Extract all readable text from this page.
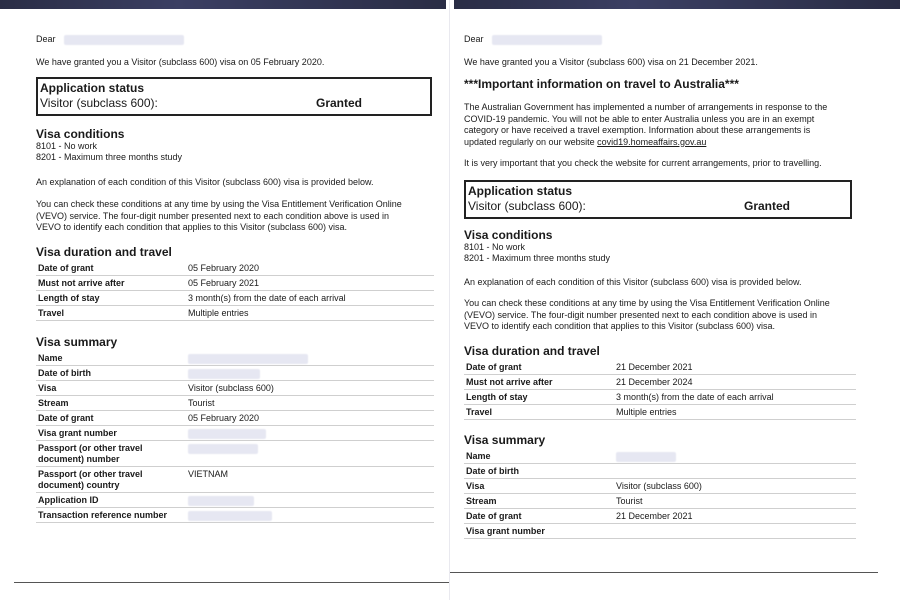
Dear

We have granted you a Visitor (subclass 600) visa on 05 February 2020.

Application status
Visitor (subclass 600):	Granted

Visa conditions

8101 - No work
8201 - Maximum three months study

An explanation of each condition of this Visitor (subclass 600) visa is provided below.

You can check these conditions at any time by using the Visa Entitlement Verification Online

(VEVO) service. The four-digit number presented next to each condition above is used in

VEVO to identify each condition that applies to this Visitor (subclass 600) visa.

Visa duration and travel

Date of grant	05 February 2020
Must not arrive after	05 February 2021
Length of stay	3 month(s) from the date of each arrival
Travel	Multiple entries

Visa summary

Name	
Date of birth	
Visa	Visitor (subclass 600)
Stream	Tourist
Date of grant	05 February 2020
Visa grant number	
Passport (or other travel
document) number	
Passport (or other travel
document) country	VIETNAM
Application ID	
Transaction reference number	

Dear

We have granted you a Visitor (subclass 600) visa on 21 December 2021.

***Important information on travel to Australia***

The Australian Government has implemented a number of arrangements in response to the

COVID-19 pandemic. You will not be able to enter Australia unless you are in an exempt

category or have received a travel exemption. Information about these arrangements is

updated regularly on our website covid19.homeaffairs.gov.au

It is very important that you check the website for current arrangements, prior to travelling.

Application status
Visitor (subclass 600):	Granted

Visa conditions

8101 - No work
8201 - Maximum three months study

An explanation of each condition of this Visitor (subclass 600) visa is provided below.

You can check these conditions at any time by using the Visa Entitlement Verification Online

(VEVO) service. The four-digit number presented next to each condition above is used in

VEVO to identify each condition that applies to this Visitor (subclass 600) visa.

Visa duration and travel

Date of grant	21 December 2021
Must not arrive after	21 December 2024
Length of stay	3 month(s) from the date of each arrival
Travel	Multiple entries

Visa summary

Name	
Date of birth	
Visa	Visitor (subclass 600)
Stream	Tourist
Date of grant	21 December 2021
Visa grant number	
